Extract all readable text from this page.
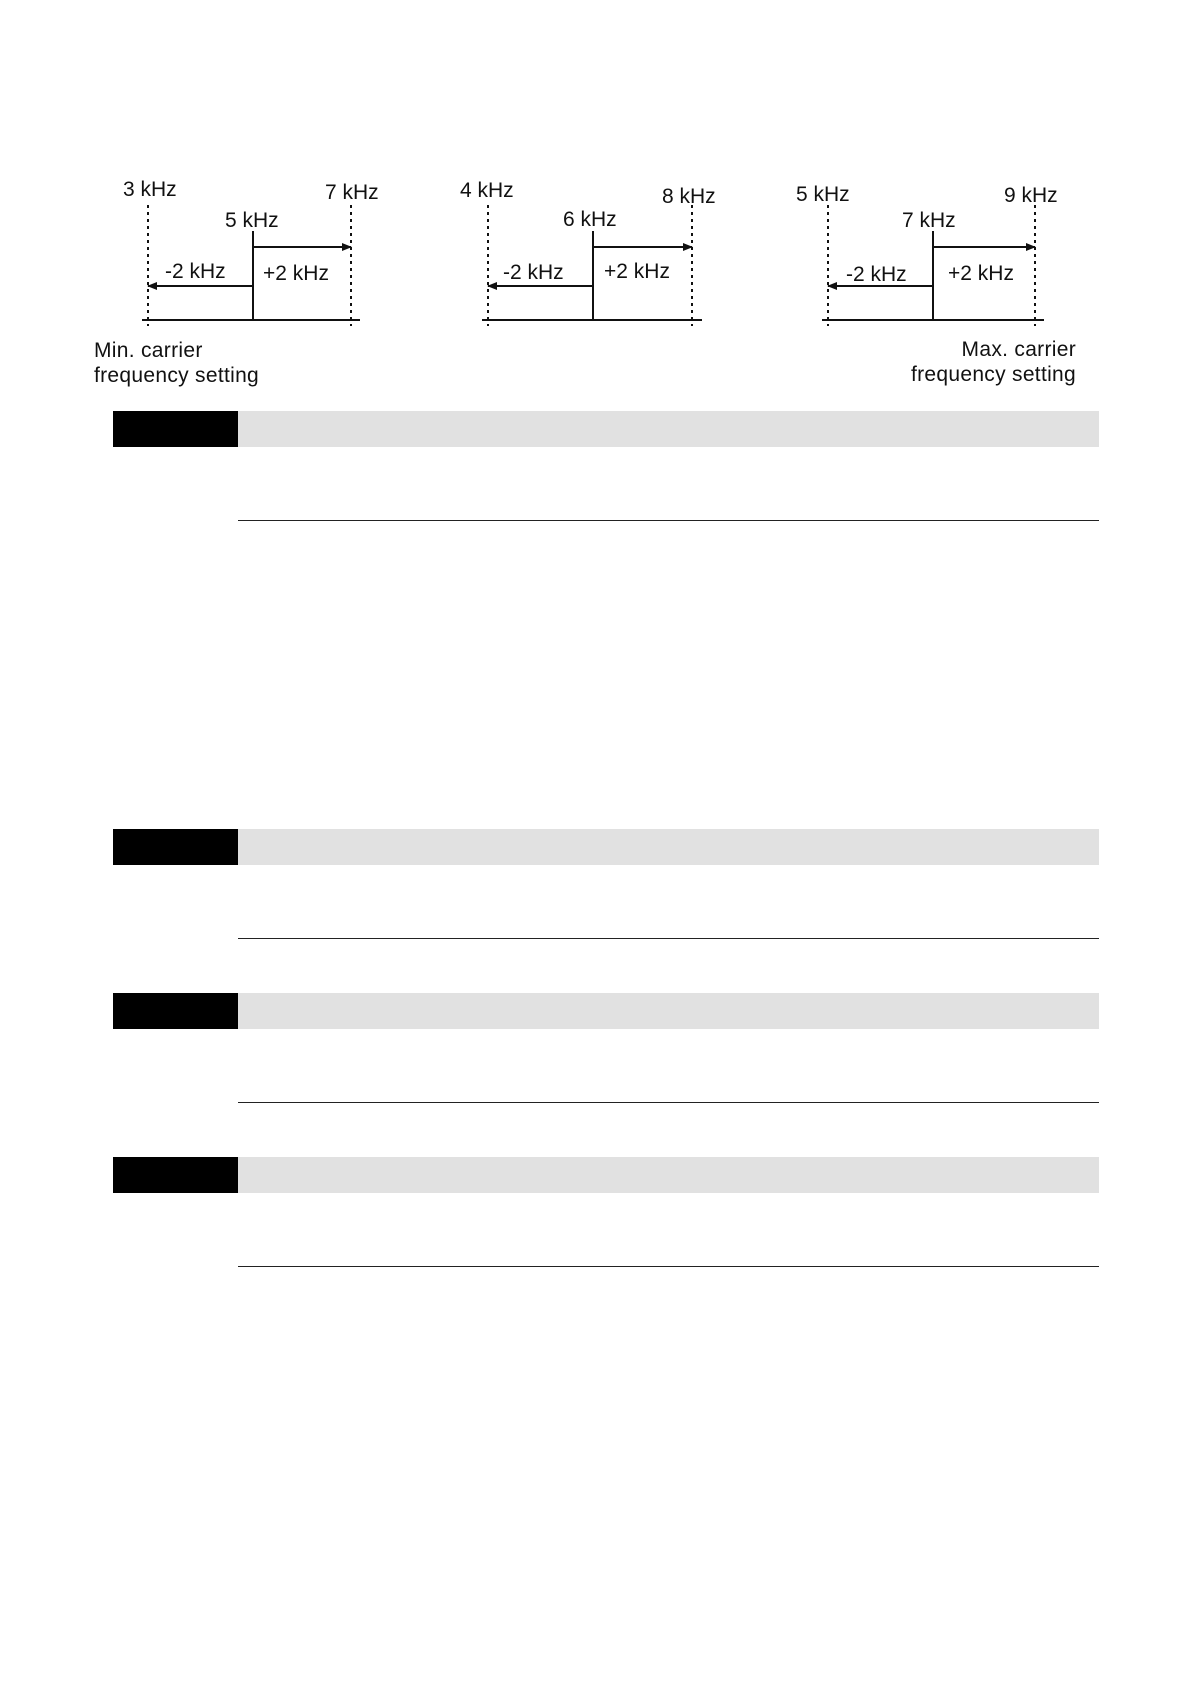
3 kHz	7 kHz
5 kHz
-2 kHz +2 kHz
4 kHz	8 kHz
6 kHz
-2 kHz +2 kHz
5 kHz	9 kHz
7 kHz
-2 kHz +2 kHz
Min. carrier
frequency setting
Max. carrier
frequency setting
